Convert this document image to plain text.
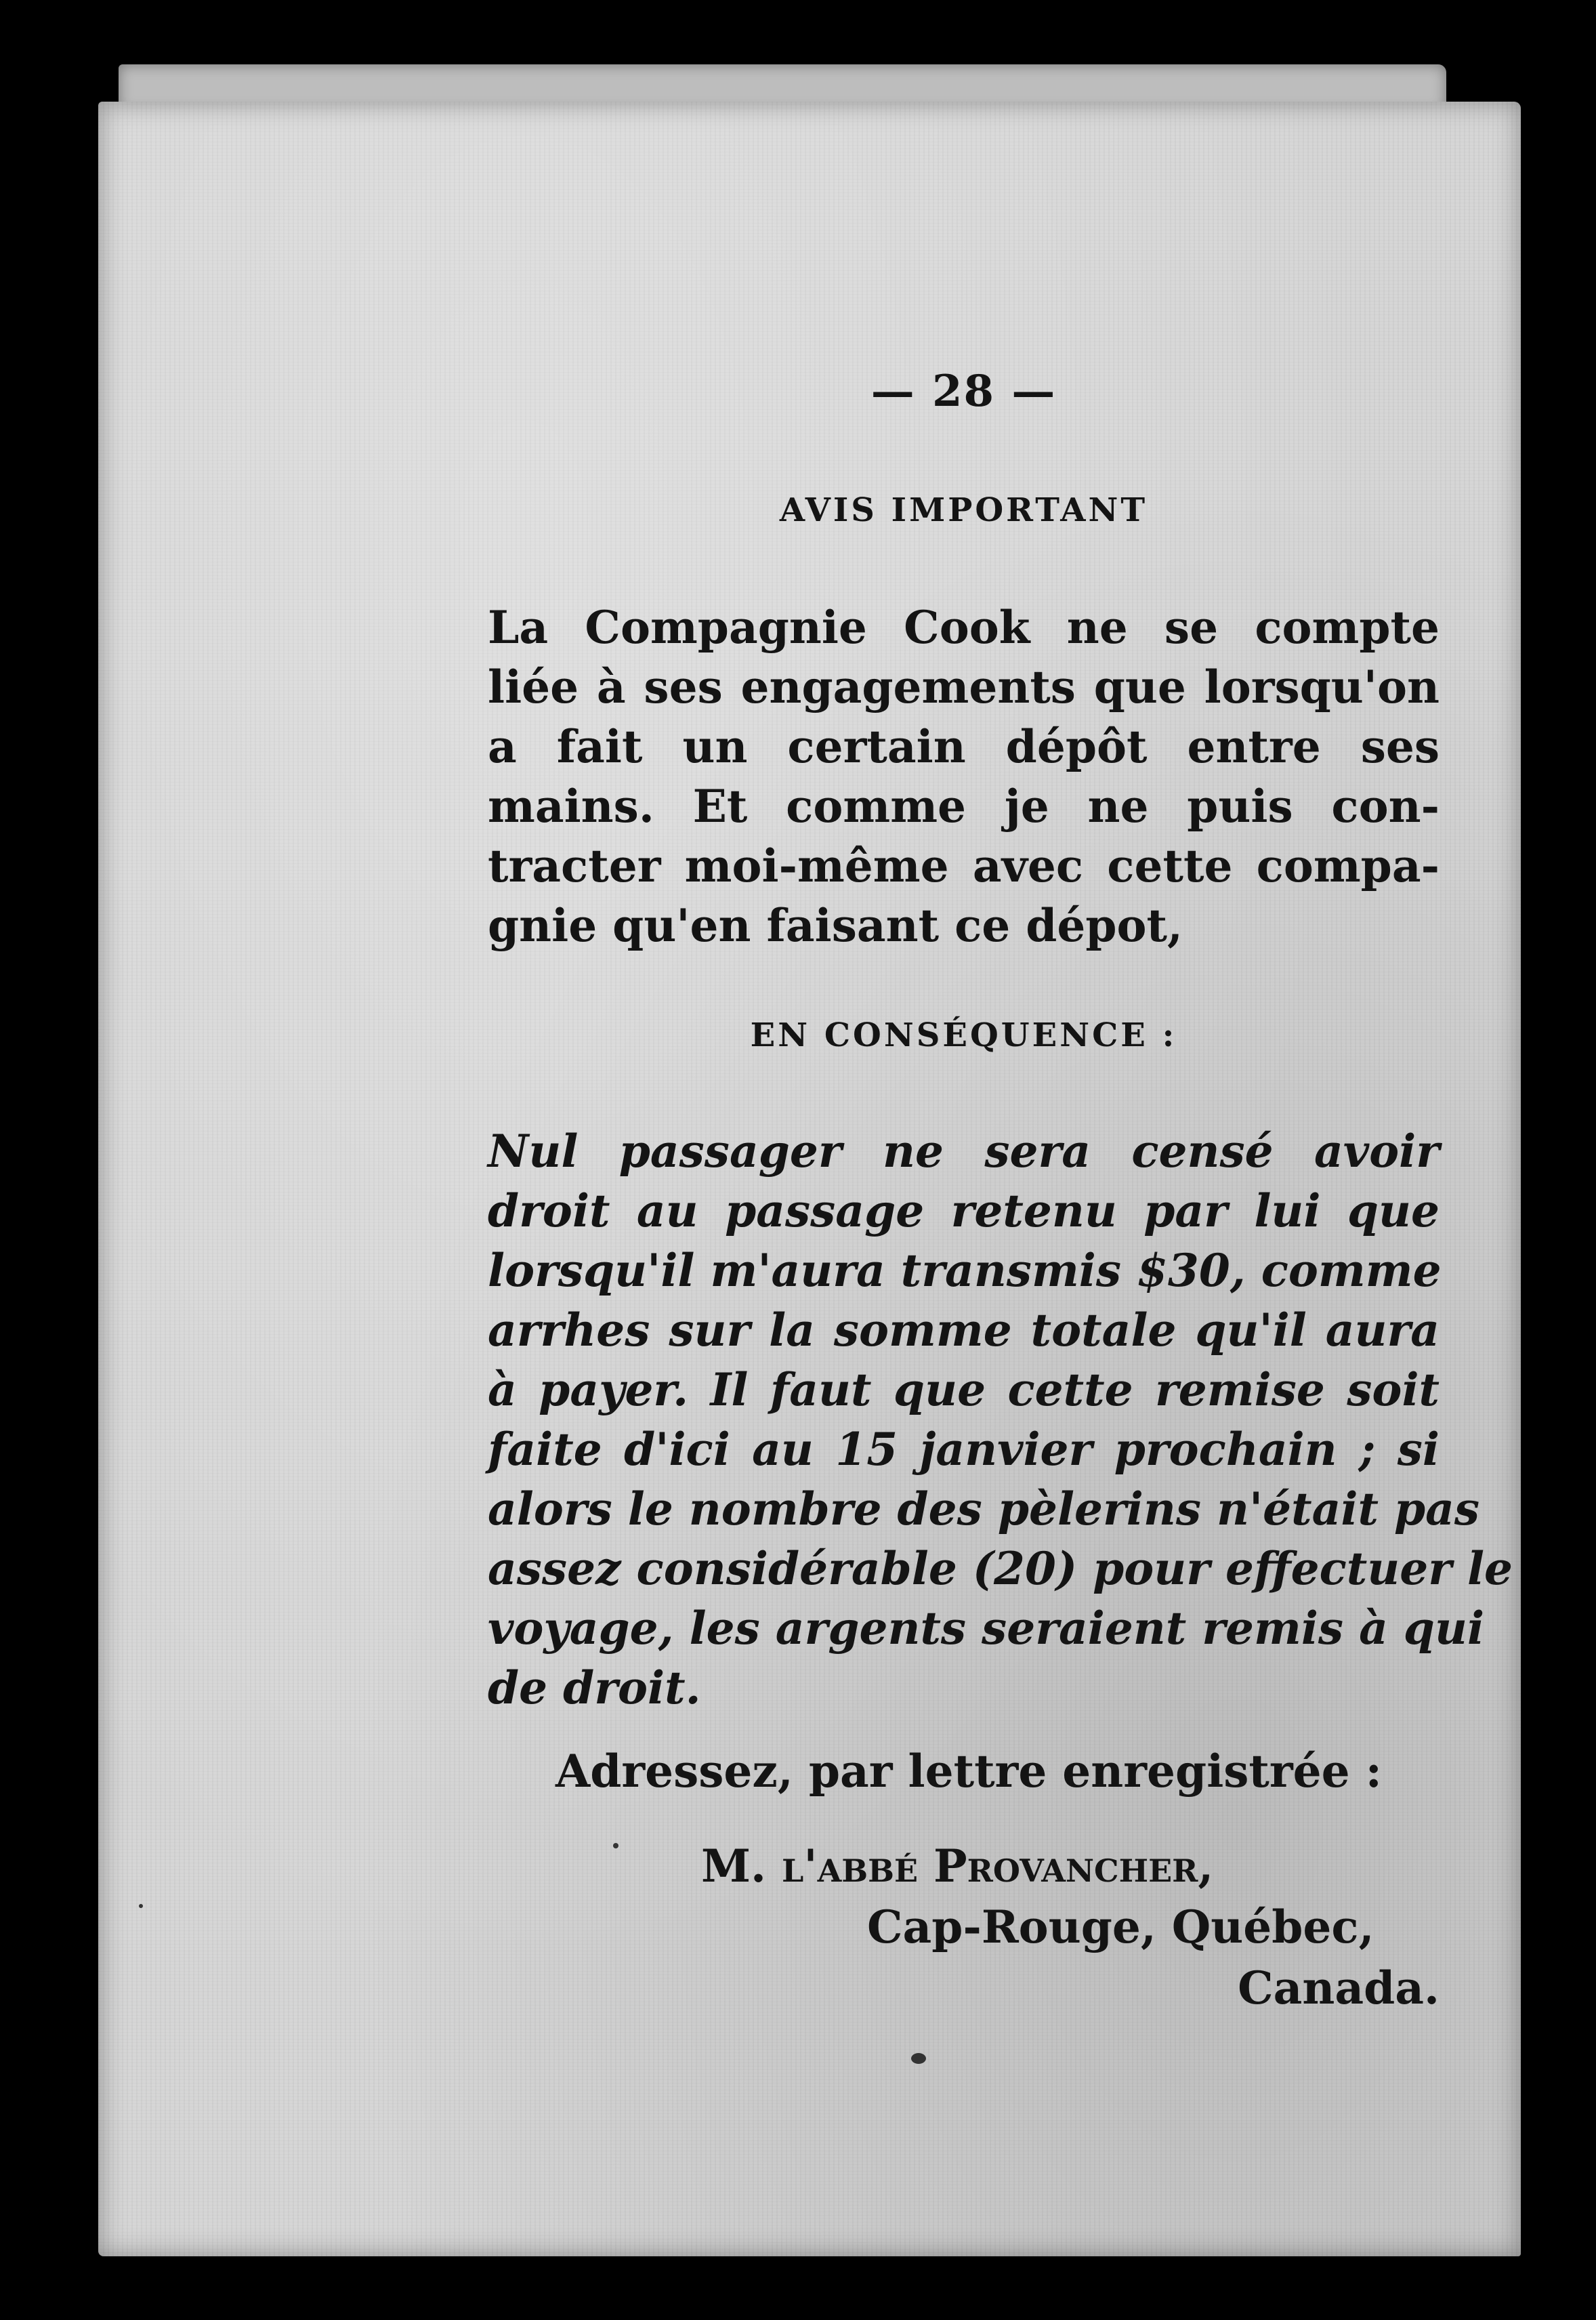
— 28 —
AVIS IMPORTANT

La Compagnie Cook ne se compte
liée à ses engagements que lorsqu'on
a fait un certain dépôt entre ses
mains. Et comme je ne puis con-
tracter moi-même avec cette compa-
gnie qu'en faisant ce dépot,

EN CONSÉQUENCE :

Nul passager ne sera censé avoir
droit au passage retenu par lui que
lorsqu'il m'aura transmis $30, comme
arrhes sur la somme totale qu'il aura
à payer. Il faut que cette remise soit
faite d'ici au 15 janvier prochain ; si
alors le nombre des pèlerins n'était pas
assez considérable (20) pour effectuer le
voyage, les argents seraient remis à qui
de droit.

Adressez, par lettre enregistrée :
M. l'abbé Provancher,
Cap-Rouge, Québec,
Canada.
